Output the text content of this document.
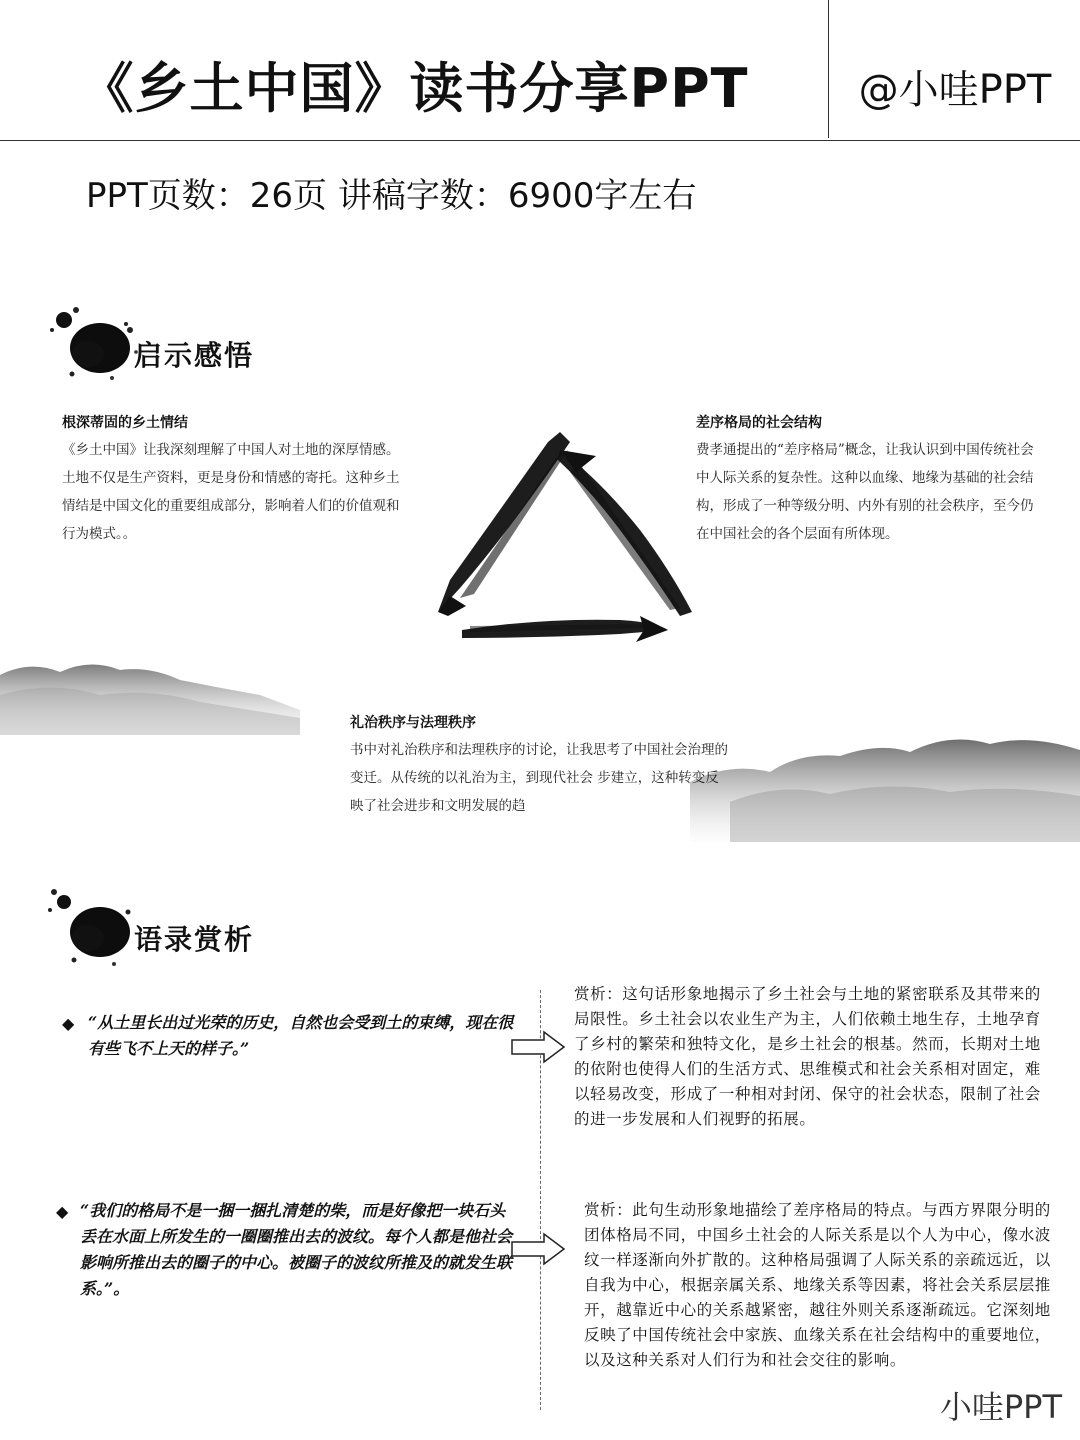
《乡土中国》读书分享PPT	@小哇PPT
PPT页数：26页 讲稿字数：6900字左右
启示感悟
根深蒂固的乡土情结
《乡土中国》让我深刻理解了中国人对土地的深厚情感。土地不仅是生产资料，更是身份和情感的寄托。这种乡土情结是中国文化的重要组成部分，影响着人们的价值观和行为模式。。
差序格局的社会结构
费孝通提出的“差序格局”概念，让我认识到中国传统社会中人际关系的复杂性。这种以血缘、地缘为基础的社会结构，形成了一种等级分明、内外有别的社会秩序，至今仍在中国社会的各个层面有所体现。
礼治秩序与法理秩序
书中对礼治秩序和法理秩序的讨论，让我思考了中国社会治理的变迁。从传统的以礼治为主，到现代社会 步建立，这种转变反映了社会进步和文明发展的趋
语录赏析
◆ “从土里长出过光荣的历史，自然也会受到土的束缚，现在很有些飞不上天的样子。”
赏析：这句话形象地揭示了乡土社会与土地的紧密联系及其带来的局限性。乡土社会以农业生产为主，人们依赖土地生存，土地孕育了乡村的繁荣和独特文化，是乡土社会的根基。然而，长期对土地的依附也使得人们的生活方式、思维模式和社会关系相对固定，难以轻易改变，形成了一种相对封闭、保守的社会状态，限制了社会的进一步发展和人们视野的拓展。
◆ “我们的格局不是一捆一捆扎清楚的柴，而是好像把一块石头丢在水面上所发生的一圈圈推出去的波纹。每个人都是他社会影响所推出去的圈子的中心。被圈子的波纹所推及的就发生联系。”。
赏析：此句生动形象地描绘了差序格局的特点。与西方界限分明的团体格局不同，中国乡土社会的人际关系是以个人为中心，像水波纹一样逐渐向外扩散的。这种格局强调了人际关系的亲疏远近，以自我为中心，根据亲属关系、地缘关系等因素，将社会关系层层推开，越靠近中心的关系越紧密，越往外则关系逐渐疏远。它深刻地反映了中国传统社会中家族、血缘关系在社会结构中的重要地位，以及这种关系对人们行为和社会交往的影响。
小哇PPT
